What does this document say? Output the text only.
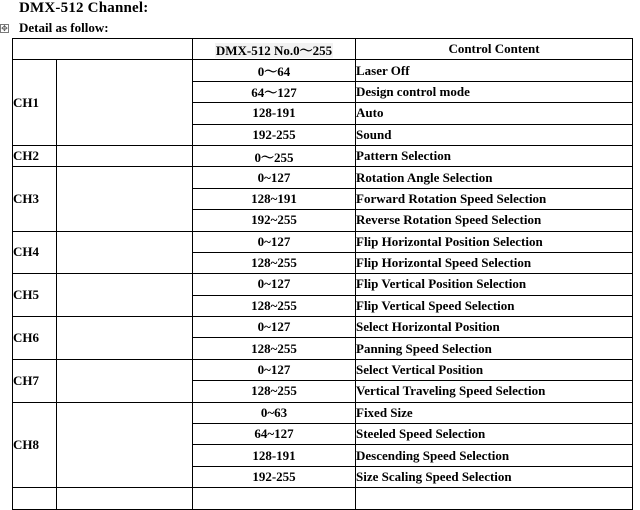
DMX-512 Channel:
✥ Detail as follow:
		DMX-512 No.0～255	Control Content
CH1		0～64	Laser Off
		64～127	Design control mode
		128-191	Auto
		192-255	Sound
CH2		0～255	Pattern Selection
CH3		0~127	Rotation Angle Selection
		128~191	Forward Rotation Speed Selection
		192~255	Reverse Rotation Speed Selection
CH4		0~127	Flip Horizontal Position Selection
		128~255	Flip Horizontal Speed Selection
CH5		0~127	Flip Vertical Position Selection
		128~255	Flip Vertical Speed Selection
CH6		0~127	Select Horizontal Position
		128~255	Panning Speed Selection
CH7		0~127	Select Vertical Position
		128~255	Vertical Traveling Speed Selection
CH8		0~63	Fixed Size
		64~127	Steeled Speed Selection
		128-191	Descending Speed Selection
		192-255	Size Scaling Speed Selection
